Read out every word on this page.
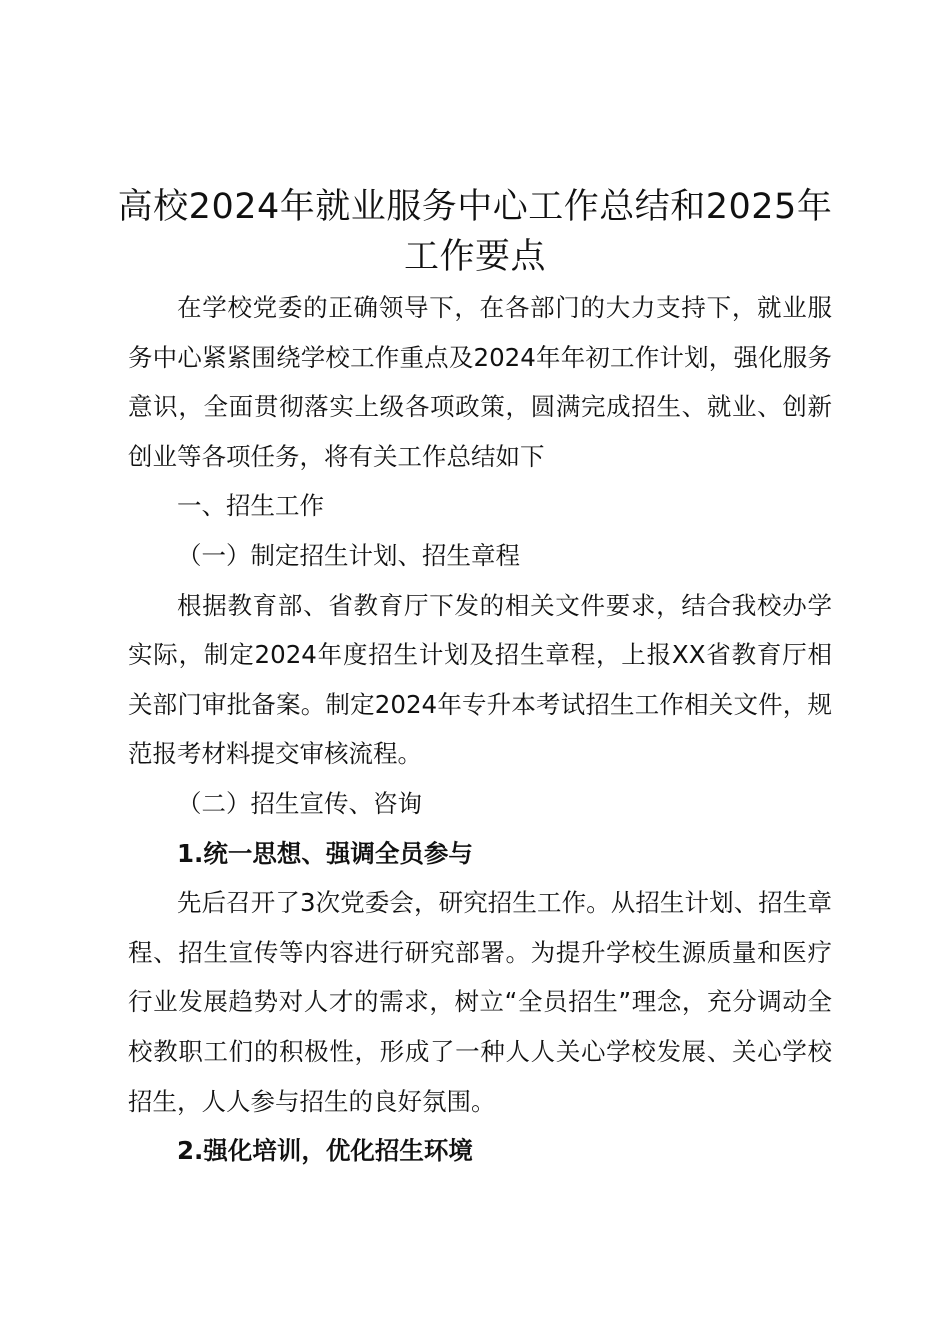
高校2024年就业服务中心工作总结和2025年工作要点

在学校党委的正确领导下，在各部门的大力支持下，就业服务中心紧紧围绕学校工作重点及2024年年初工作计划，强化服务意识，全面贯彻落实上级各项政策，圆满完成招生、就业、创新创业等各项任务，将有关工作总结如下

一、招生工作

（一）制定招生计划、招生章程

根据教育部、省教育厅下发的相关文件要求，结合我校办学实际，制定2024年度招生计划及招生章程，上报XX省教育厅相关部门审批备案。制定2024年专升本考试招生工作相关文件，规范报考材料提交审核流程。

（二）招生宣传、咨询

1.统一思想、强调全员参与

先后召开了3次党委会，研究招生工作。从招生计划、招生章程、招生宣传等内容进行研究部署。为提升学校生源质量和医疗行业发展趋势对人才的需求，树立“全员招生”理念，充分调动全校教职工们的积极性，形成了一种人人关心学校发展、关心学校招生，人人参与招生的良好氛围。

2.强化培训，优化招生环境
